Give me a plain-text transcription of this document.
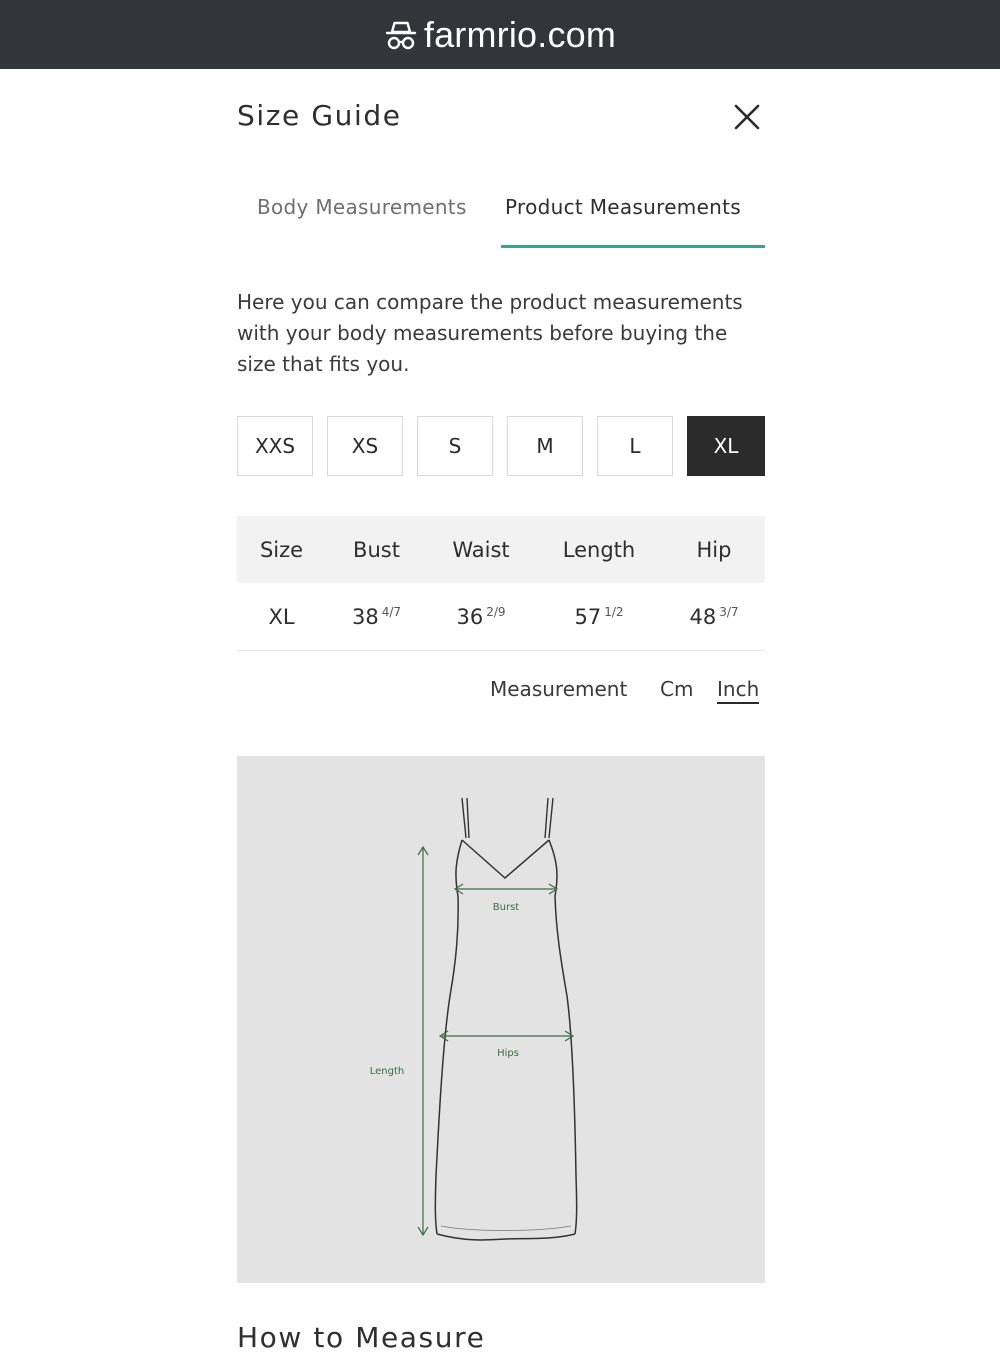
farmrio.com
Size Guide
Body Measurements Product Measurements

Here you can compare the product measurements with your body measurements before buying the size that fits you.

XXS	XS	S	M	L	XL
Size	Bust	Waist	Length	Hip
XL	38 $^{4/7}$	36 $^{2/9}$	57 $^{1/2}$	48 $^{3/7}$
Measurement Cm Inch
Burst
Hips
Length
How to Measure
